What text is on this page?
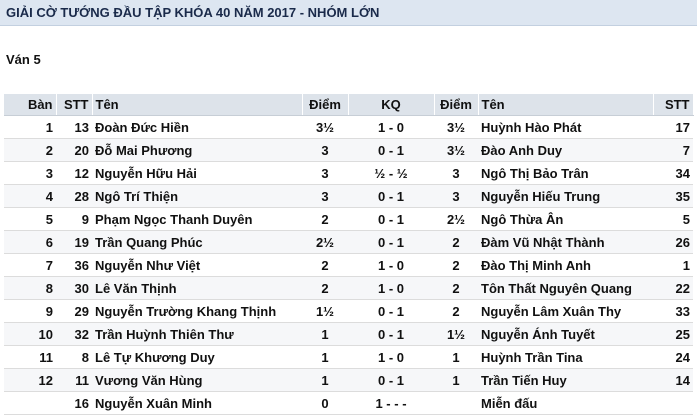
GIẢI CỜ TƯỚNG ĐẦU TẬP KHÓA 40 NĂM 2017 - NHÓM LỚN
Ván 5
Bàn	STT	Tên	Điểm	KQ	Điểm	Tên	STT
1	13	Đoàn Đức Hiền	3½	1 - 0	3½	Huỳnh Hào Phát	17
2	20	Đỗ Mai Phương	3	0 - 1	3½	Đào Anh Duy	7
3	12	Nguyễn Hữu Hải	3	½ - ½	3	Ngô Thị Bảo Trân	34
4	28	Ngô Trí Thiện	3	0 - 1	3	Nguyễn Hiếu Trung	35
5	9	Phạm Ngọc Thanh Duyên	2	0 - 1	2½	Ngô Thừa Ân	5
6	19	Trần Quang Phúc	2½	0 - 1	2	Đàm Vũ Nhật Thành	26
7	36	Nguyễn Như Việt	2	1 - 0	2	Đào Thị Minh Anh	1
8	30	Lê Văn Thịnh	2	1 - 0	2	Tôn Thất Nguyên Quang	22
9	29	Nguyễn Trường Khang Thịnh	1½	0 - 1	2	Nguyễn Lâm Xuân Thy	33
10	32	Trần Huỳnh Thiên Thư	1	0 - 1	1½	Nguyễn Ánh Tuyết	25
11	8	Lê Tự Khương Duy	1	1 - 0	1	Huỳnh Trần Tina	24
12	11	Vương Văn Hùng	1	0 - 1	1	Trần Tiến Huy	14
	16	Nguyễn Xuân Minh	0	1 - - -		Miễn đấu	
